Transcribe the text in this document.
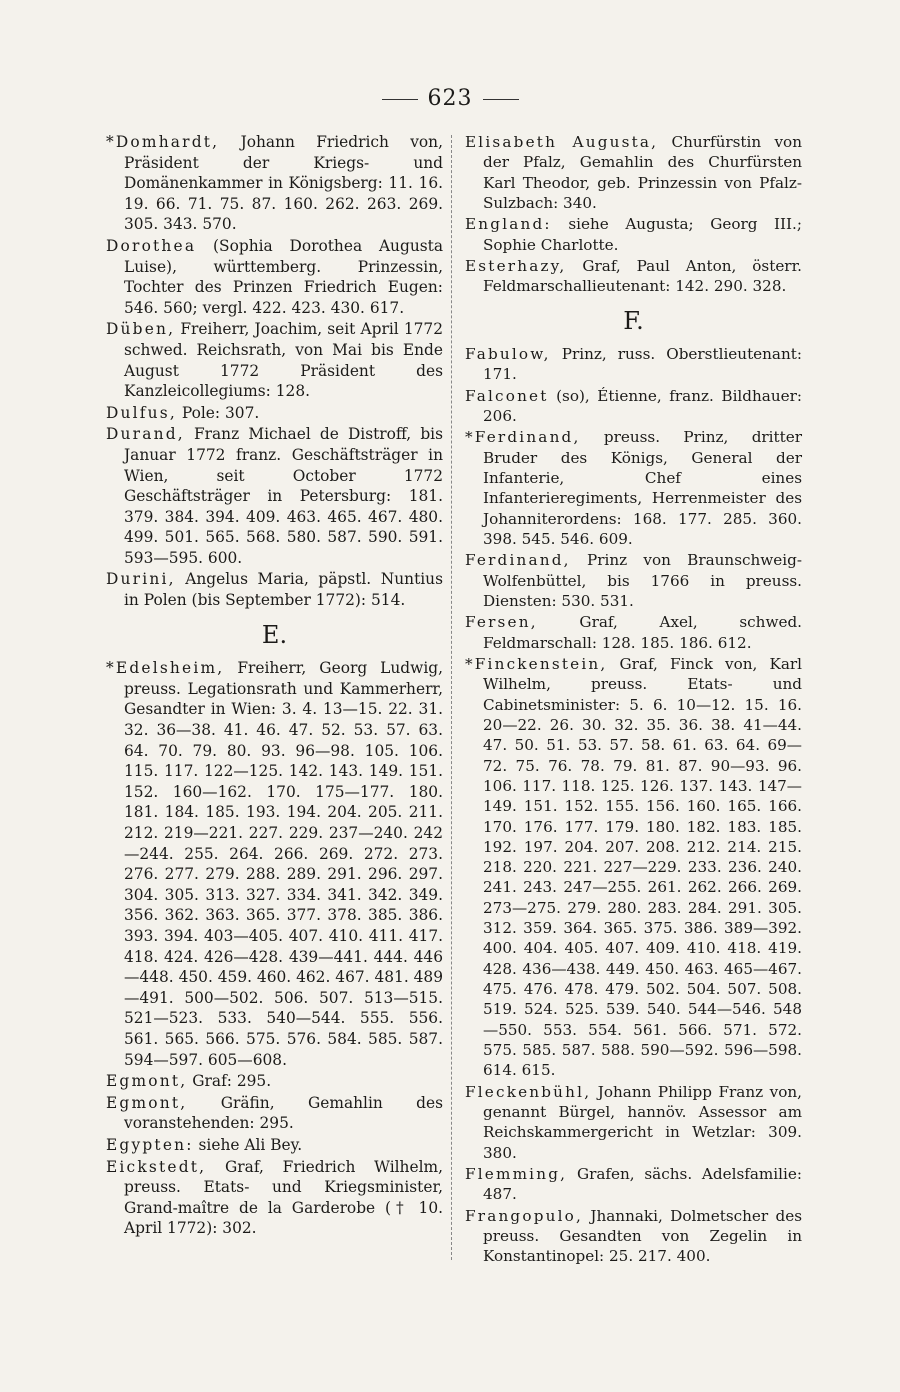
623
*Domhardt, Johann Friedrich von, Präsident der Kriegs- und Domänenkammer in Königsberg: 11. 16. 19. 66. 71. 75. 87. 160. 262. 263. 269. 305. 343. 570.
Dorothea (Sophia Dorothea Augusta Luise), württemberg. Prinzessin, Tochter des Prinzen Friedrich Eugen: 546. 560; vergl. 422. 423. 430. 617.
Düben, Freiherr, Joachim, seit April 1772 schwed. Reichsrath, von Mai bis Ende August 1772 Präsident des Kanzleicollegiums: 128.
Dulfus, Pole: 307.
Durand, Franz Michael de Distroff, bis Januar 1772 franz. Geschäftsträger in Wien, seit October 1772 Geschäftsträger in Petersburg: 181. 379. 384. 394. 409. 463. 465. 467. 480. 499. 501. 565. 568. 580. 587. 590. 591. 593—595. 600.
Durini, Angelus Maria, päpstl. Nuntius in Polen (bis September 1772): 514.
E.
*Edelsheim, Freiherr, Georg Ludwig, preuss. Legationsrath und Kammerherr, Gesandter in Wien: 3. 4. 13—15. 22. 31. 32. 36—38. 41. 46. 47. 52. 53. 57. 63. 64. 70. 79. 80. 93. 96—98. 105. 106. 115. 117. 122—125. 142. 143. 149. 151. 152. 160—162. 170. 175—177. 180. 181. 184. 185. 193. 194. 204. 205. 211. 212. 219—221. 227. 229. 237—240. 242—244. 255. 264. 266. 269. 272. 273. 276. 277. 279. 288. 289. 291. 296. 297. 304. 305. 313. 327. 334. 341. 342. 349. 356. 362. 363. 365. 377. 378. 385. 386. 393. 394. 403—405. 407. 410. 411. 417. 418. 424. 426—428. 439—441. 444. 446—448. 450. 459. 460. 462. 467. 481. 489—491. 500—502. 506. 507. 513—515. 521—523. 533. 540—544. 555. 556. 561. 565. 566. 575. 576. 584. 585. 587. 594—597. 605—608.
Egmont, Graf: 295.
Egmont, Gräfin, Gemahlin des voranstehenden: 295.
Egypten: siehe Ali Bey.
Eickstedt, Graf, Friedrich Wilhelm, preuss. Etats- und Kriegsminister, Grand-maître de la Garderobe († 10. April 1772): 302.
Elisabeth Augusta, Churfürstin von der Pfalz, Gemahlin des Churfürsten Karl Theodor, geb. Prinzessin von Pfalz-Sulzbach: 340.
England: siehe Augusta; Georg III.; Sophie Charlotte.
Esterhazy, Graf, Paul Anton, österr. Feldmarschallieutenant: 142. 290. 328.
F.
Fabulow, Prinz, russ. Oberstlieutenant: 171.
Falconet (so), Étienne, franz. Bildhauer: 206.
*Ferdinand, preuss. Prinz, dritter Bruder des Königs, General der Infanterie, Chef eines Infanterieregiments, Herrenmeister des Johanniterordens: 168. 177. 285. 360. 398. 545. 546. 609.
Ferdinand, Prinz von Braunschweig-Wolfenbüttel, bis 1766 in preuss. Diensten: 530. 531.
Fersen, Graf, Axel, schwed. Feldmarschall: 128. 185. 186. 612.
*Finckenstein, Graf, Finck von, Karl Wilhelm, preuss. Etats- und Cabinetsminister: 5. 6. 10—12. 15. 16. 20—22. 26. 30. 32. 35. 36. 38. 41—44. 47. 50. 51. 53. 57. 58. 61. 63. 64. 69—72. 75. 76. 78. 79. 81. 87. 90—93. 96. 106. 117. 118. 125. 126. 137. 143. 147—149. 151. 152. 155. 156. 160. 165. 166. 170. 176. 177. 179. 180. 182. 183. 185. 192. 197. 204. 207. 208. 212. 214. 215. 218. 220. 221. 227—229. 233. 236. 240. 241. 243. 247—255. 261. 262. 266. 269. 273—275. 279. 280. 283. 284. 291. 305. 312. 359. 364. 365. 375. 386. 389—392. 400. 404. 405. 407. 409. 410. 418. 419. 428. 436—438. 449. 450. 463. 465—467. 475. 476. 478. 479. 502. 504. 507. 508. 519. 524. 525. 539. 540. 544—546. 548—550. 553. 554. 561. 566. 571. 572. 575. 585. 587. 588. 590—592. 596—598. 614. 615.
Fleckenbühl, Johann Philipp Franz von, genannt Bürgel, hannöv. Assessor am Reichskammergericht in Wetzlar: 309. 380.
Flemming, Grafen, sächs. Adelsfamilie: 487.
Frangopulo, Jhannaki, Dolmetscher des preuss. Gesandten von Zegelin in Konstantinopel: 25. 217. 400.
